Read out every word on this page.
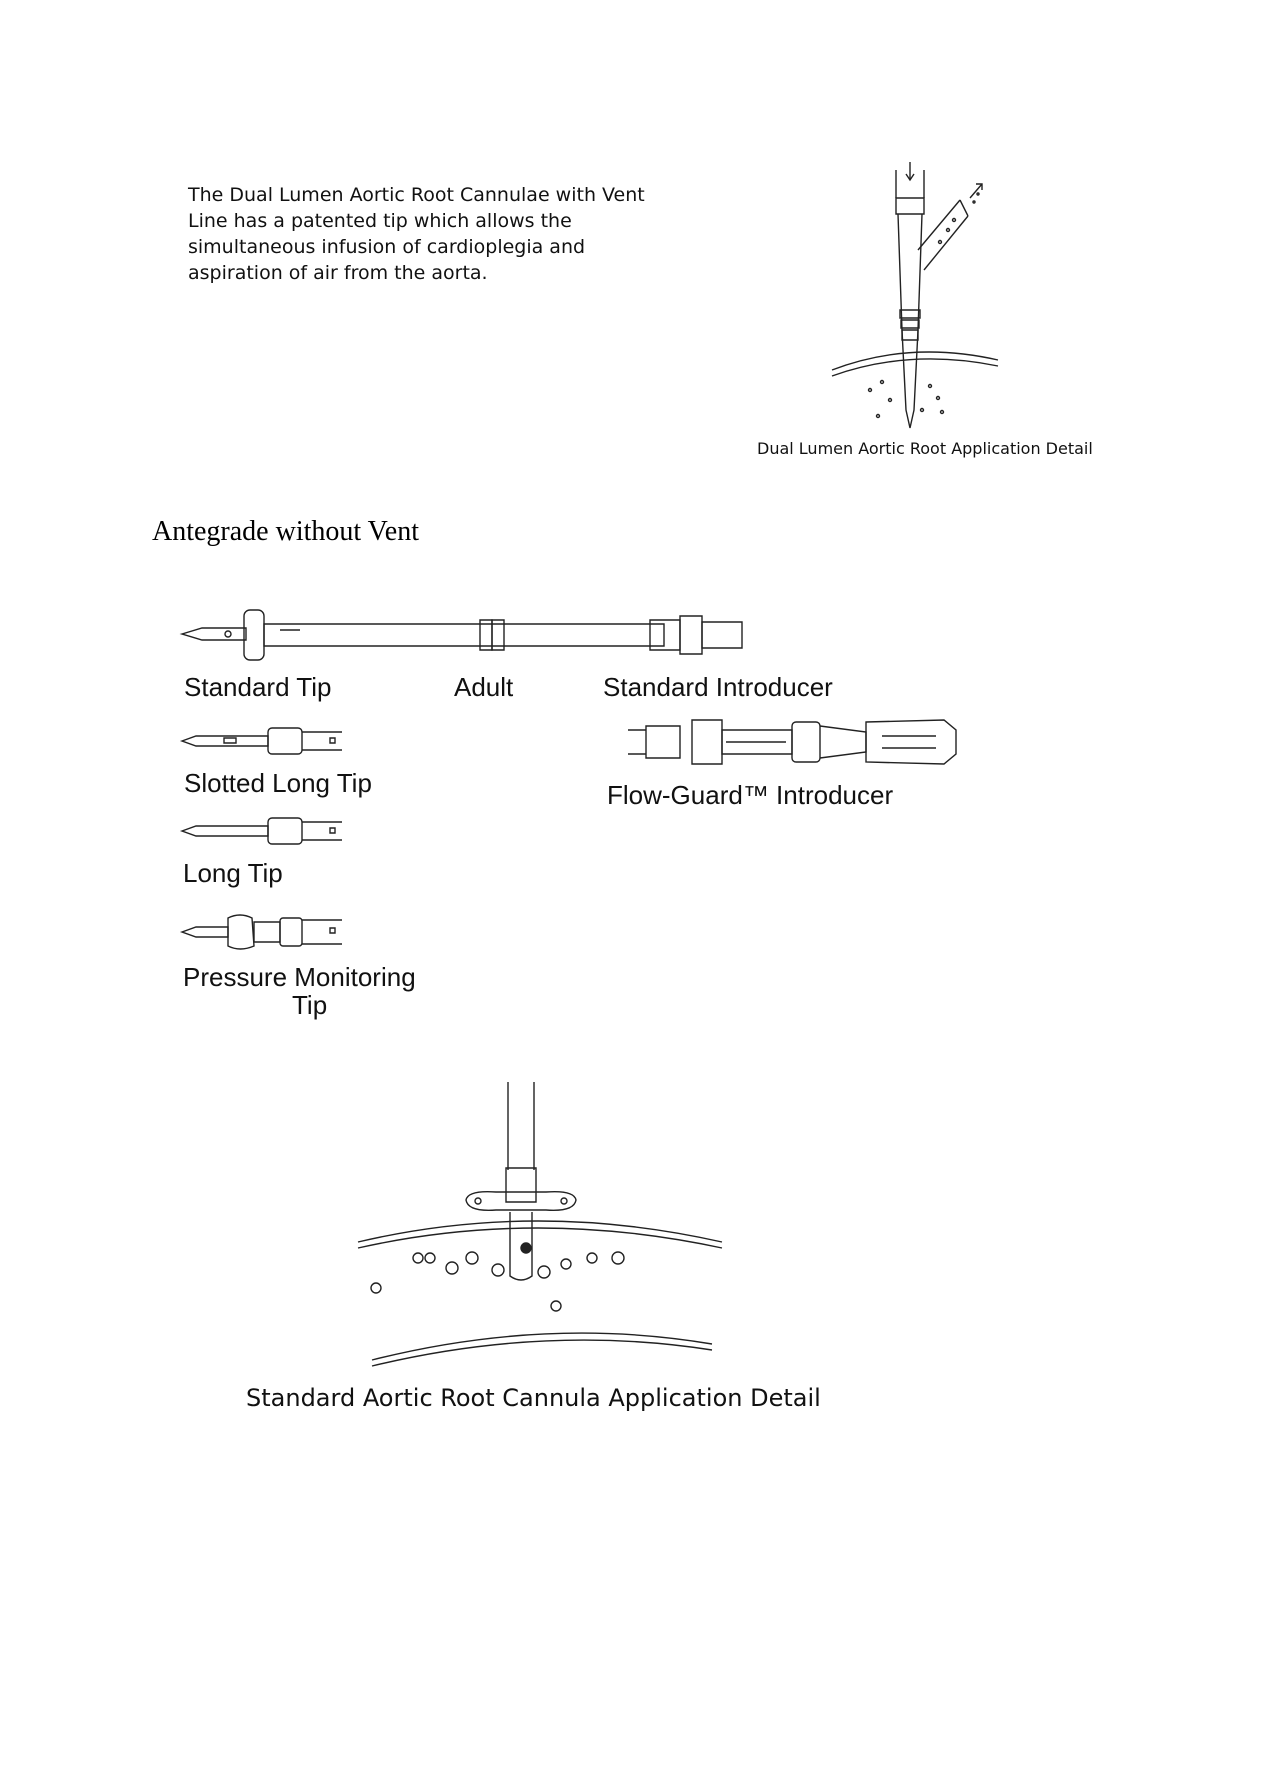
The Dual Lumen Aortic Root Cannulae with Vent Line has a patented tip which allows the simultaneous infusion of cardioplegia and aspiration of air from the aorta.
Dual Lumen Aortic Root Application Detail
Antegrade without Vent
Standard Tip	Adult	Standard Introducer
Slotted Long Tip	Flow-Guard™ Introducer
Long Tip
Pressure Monitoring
Tip
Standard Aortic Root Cannula Application Detail
